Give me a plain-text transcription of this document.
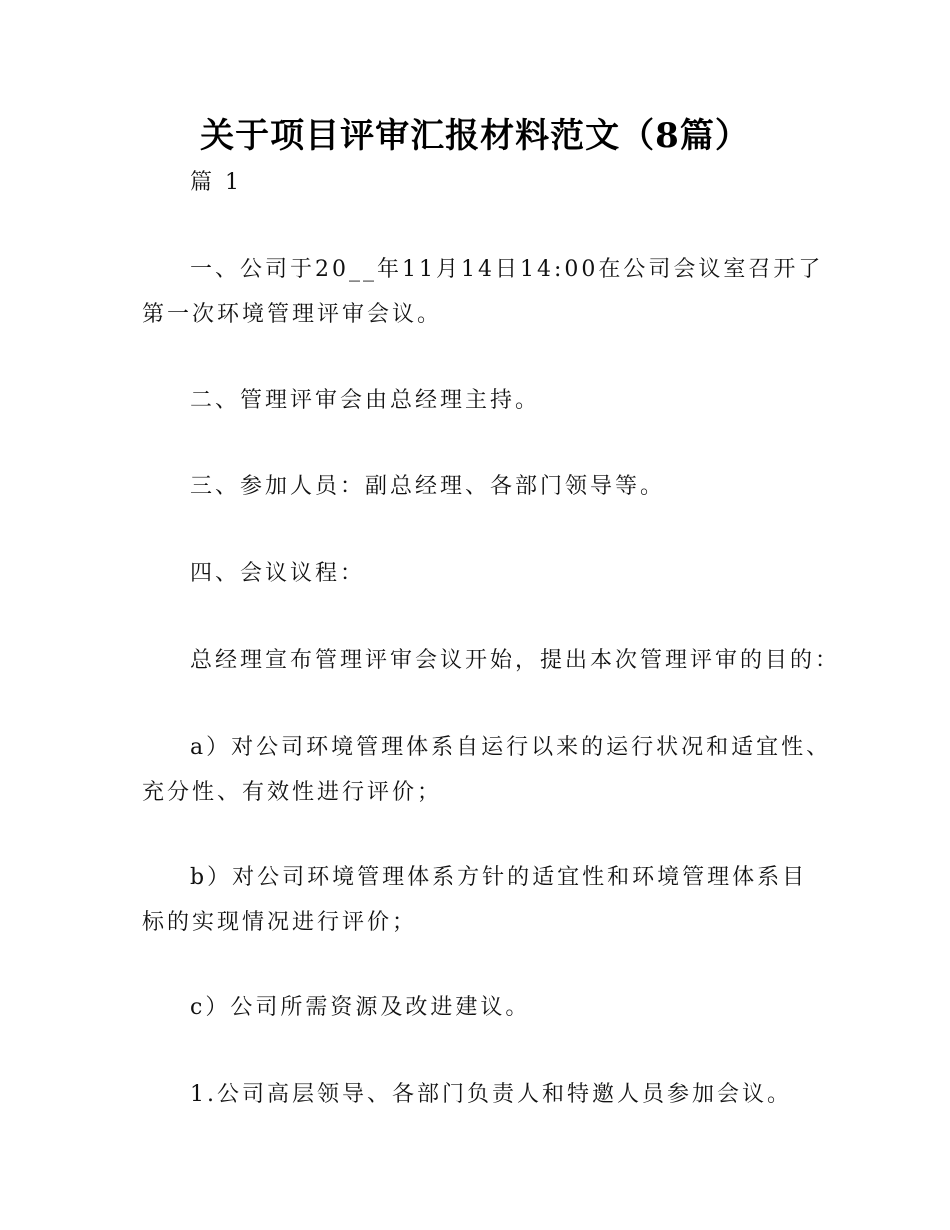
关于项目评审汇报材料范文（8篇）
篇 1
一、公司于20__年11月14日14:00在公司会议室召开了
第一次环境管理评审会议。
二、管理评审会由总经理主持。
三、参加人员：副总经理、各部门领导等。
四、会议议程：
总经理宣布管理评审会议开始，提出本次管理评审的目的：
a）对公司环境管理体系自运行以来的运行状况和适宜性、
充分性、有效性进行评价；
b）对公司环境管理体系方针的适宜性和环境管理体系目
标的实现情况进行评价；
c）公司所需资源及改进建议。
1.公司高层领导、各部门负责人和特邀人员参加会议。
